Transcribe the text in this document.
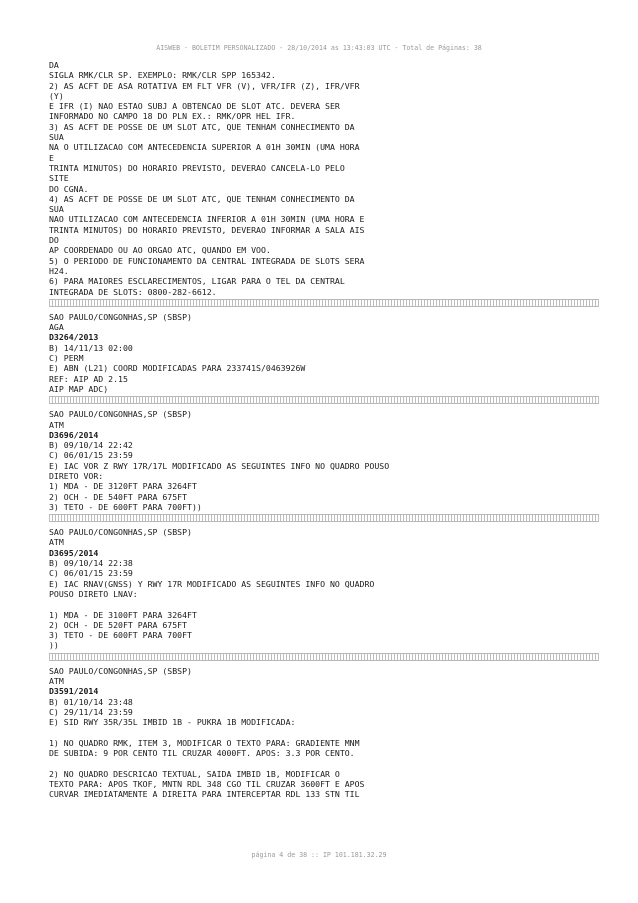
AISWEB - BOLETIM PERSONALIZADO - 28/10/2014 as 13:43:03 UTC - Total de Páginas: 38
DA
SIGLA RMK/CLR SP. EXEMPLO: RMK/CLR SPP 165342.
2) AS ACFT DE ASA ROTATIVA EM FLT VFR (V), VFR/IFR (Z), IFR/VFR
(Y)
E IFR (I) NAO ESTAO SUBJ A OBTENCAO DE SLOT ATC. DEVERA SER
INFORMADO NO CAMPO 18 DO PLN EX.: RMK/OPR HEL IFR.
3) AS ACFT DE POSSE DE UM SLOT ATC, QUE TENHAM CONHECIMENTO DA
SUA
NA O UTILIZACAO COM ANTECEDENCIA SUPERIOR A 01H 30MIN (UMA HORA
E
TRINTA MINUTOS) DO HORARIO PREVISTO, DEVERAO CANCELA-LO PELO
SITE
DO CGNA.
4) AS ACFT DE POSSE DE UM SLOT ATC, QUE TENHAM CONHECIMENTO DA
SUA
NAO UTILIZACAO COM ANTECEDENCIA INFERIOR A 01H 30MIN (UMA HORA E
TRINTA MINUTOS) DO HORARIO PREVISTO, DEVERAO INFORMAR A SALA AIS
DO
AP COORDENADO OU AO ORGAO ATC, QUANDO EM VOO.
5) O PERIODO DE FUNCIONAMENTO DA CENTRAL INTEGRADA DE SLOTS SERA
H24.
6) PARA MAIORES ESCLARECIMENTOS, LIGAR PARA O TEL DA CENTRAL
INTEGRADA DE SLOTS: 0800-282-6612.
SAO PAULO/CONGONHAS,SP (SBSP)
AGA
D3264/2013
B) 14/11/13 02:00
C) PERM
E) ABN (L21) COORD MODIFICADAS PARA 233741S/0463926W
REF: AIP AD 2.15
AIP MAP ADC)
SAO PAULO/CONGONHAS,SP (SBSP)
ATM
D3696/2014
B) 09/10/14 22:42
C) 06/01/15 23:59
E) IAC VOR Z RWY 17R/17L MODIFICADO AS SEGUINTES INFO NO QUADRO POUSO
DIRETO VOR:
1) MDA - DE 3120FT PARA 3264FT
2) OCH - DE 540FT PARA 675FT
3) TETO - DE 600FT PARA 700FT))
SAO PAULO/CONGONHAS,SP (SBSP)
ATM
D3695/2014
B) 09/10/14 22:38
C) 06/01/15 23:59
E) IAC RNAV(GNSS) Y RWY 17R MODIFICADO AS SEGUINTES INFO NO QUADRO
POUSO DIRETO LNAV:
1) MDA - DE 3100FT PARA 3264FT
2) OCH - DE 520FT PARA 675FT
3) TETO - DE 600FT PARA 700FT
))
SAO PAULO/CONGONHAS,SP (SBSP)
ATM
D3591/2014
B) 01/10/14 23:48
C) 29/11/14 23:59
E) SID RWY 35R/35L IMBID 1B - PUKRA 1B MODIFICADA:
1) NO QUADRO RMK, ITEM 3, MODIFICAR O TEXTO PARA: GRADIENTE MNM
DE SUBIDA: 9 POR CENTO TIL CRUZAR 4000FT. APOS: 3.3 POR CENTO.
2) NO QUADRO DESCRICAO TEXTUAL, SAIDA IMBID 1B, MODIFICAR O
TEXTO PARA: APOS TKOF, MNTN RDL 348 CGO TIL CRUZAR 3600FT E APOS
CURVAR IMEDIATAMENTE A DIREITA PARA INTERCEPTAR RDL 133 STN TIL
página 4 de 38 :: IP 101.181.32.29
